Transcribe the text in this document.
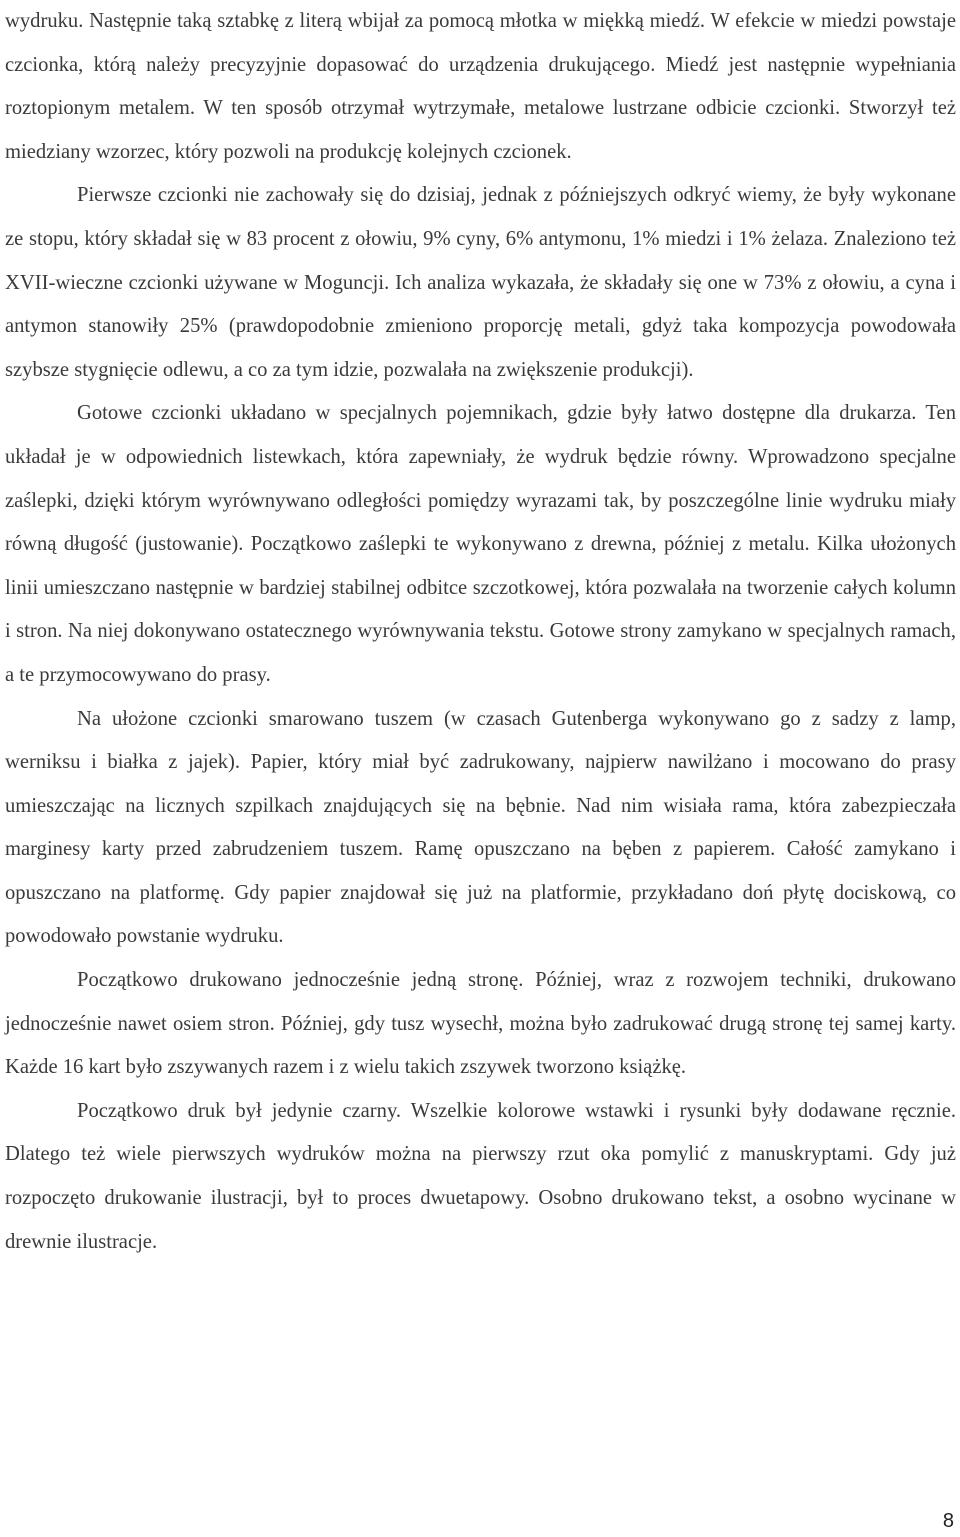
wydruku. Następnie taką sztabkę z literą wbijał za pomocą młotka w miękką miedź. W efekcie w miedzi powstaje czcionka, którą należy precyzyjnie dopasować do urządzenia drukującego. Miedź jest następnie wypełniania roztopionym metalem. W ten sposób otrzymał wytrzymałe, metalowe lustrzane odbicie czcionki. Stworzył też miedziany wzorzec, który pozwoli na produkcję kolejnych czcionek.

Pierwsze czcionki nie zachowały się do dzisiaj, jednak z późniejszych odkryć wiemy, że były wykonane ze stopu, który składał się w 83 procent z ołowiu, 9% cyny, 6% antymonu, 1% miedzi i 1% żelaza. Znaleziono też XVII-wieczne czcionki używane w Moguncji. Ich analiza wykazała, że składały się one w 73% z ołowiu, a cyna i antymon stanowiły 25% (prawdopodobnie zmieniono proporcję metali, gdyż taka kompozycja powodowała szybsze stygnięcie odlewu, a co za tym idzie, pozwalała na zwiększenie produkcji).

Gotowe czcionki układano w specjalnych pojemnikach, gdzie były łatwo dostępne dla drukarza. Ten układał je w odpowiednich listewkach, która zapewniały, że wydruk będzie równy. Wprowadzono specjalne zaślepki, dzięki którym wyrównywano odległości pomiędzy wyrazami tak, by poszczególne linie wydruku miały równą długość (justowanie). Początkowo zaślepki te wykonywano z drewna, później z metalu. Kilka ułożonych linii umieszczano następnie w bardziej stabilnej odbitce szczotkowej, która pozwalała na tworzenie całych kolumn i stron. Na niej dokonywano ostatecznego wyrównywania tekstu. Gotowe strony zamykano w specjalnych ramach, a te przymocowywano do prasy.

Na ułożone czcionki smarowano tuszem (w czasach Gutenberga wykonywano go z sadzy z lamp, werniksu i białka z jajek). Papier, który miał być zadrukowany, najpierw nawilżano i mocowano do prasy umieszczając na licznych szpilkach znajdujących się na bębnie. Nad nim wisiała rama, która zabezpieczała marginesy karty przed zabrudzeniem tuszem. Ramę opuszczano na bęben z papierem. Całość zamykano i opuszczano na platformę. Gdy papier znajdował się już na platformie, przykładano doń płytę dociskową, co powodowało powstanie wydruku.

Początkowo drukowano jednocześnie jedną stronę. Później, wraz z rozwojem techniki, drukowano jednocześnie nawet osiem stron. Później, gdy tusz wysechł, można było zadrukować drugą stronę tej samej karty. Każde 16 kart było zszywanych razem i z wielu takich zszywek tworzono książkę.

Początkowo druk był jedynie czarny. Wszelkie kolorowe wstawki i rysunki były dodawane ręcznie. Dlatego też wiele pierwszych wydruków można na pierwszy rzut oka pomylić z manuskryptami. Gdy już rozpoczęto drukowanie ilustracji, był to proces dwuetapowy. Osobno drukowano tekst, a osobno wycinane w drewnie ilustracje.

8
